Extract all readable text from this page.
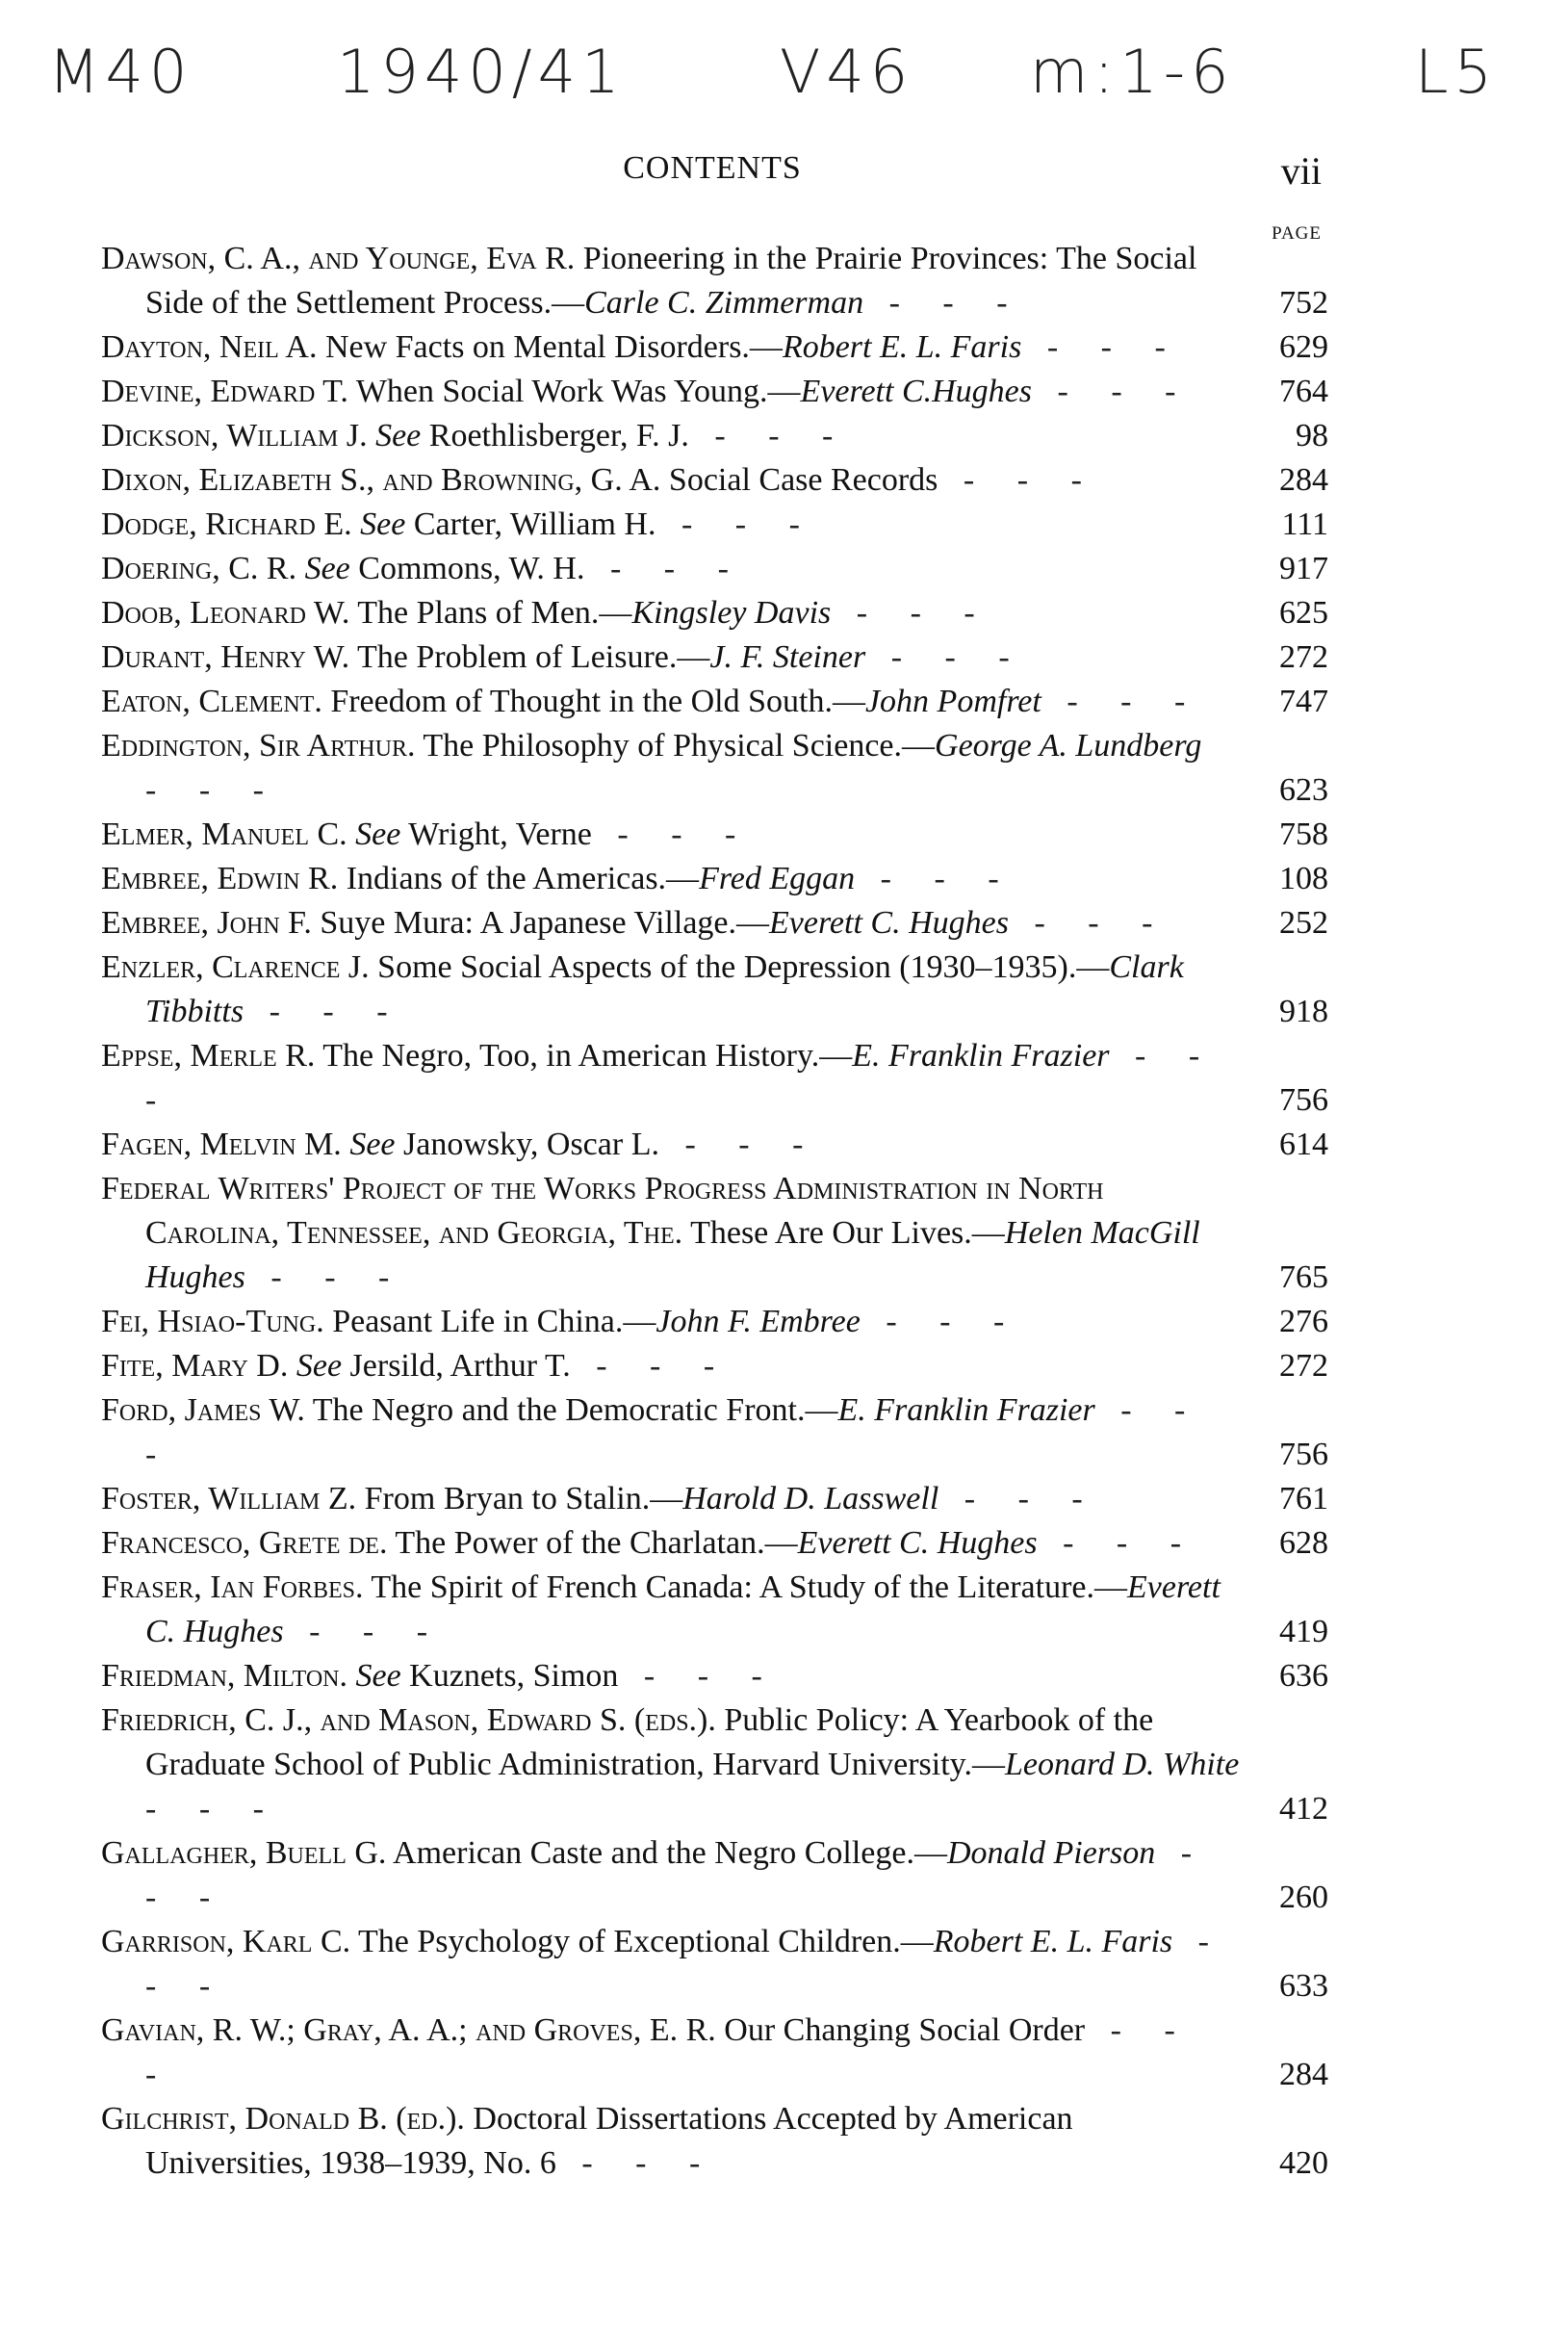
M40 1940/41	V46 m:1-6	L5
CONTENTS	vii
PAGE
Dawson, C. A., and Younge, Eva R. Pioneering in the Prairie Provinces: The Social Side of the Settlement Process.—Carle C. Zimmerman - - -	752
Dayton, Neil A. New Facts on Mental Disorders.—Robert E. L. Faris - - -	629
Devine, Edward T. When Social Work Was Young.—Everett C.Hughes - - -	764
Dickson, William J. See Roethlisberger, F. J. - - -	98
Dixon, Elizabeth S., and Browning, G. A. Social Case Records - - -	284
Dodge, Richard E. See Carter, William H. - - -	111
Doering, C. R. See Commons, W. H. - - -	917
Doob, Leonard W. The Plans of Men.—Kingsley Davis - - -	625
Durant, Henry W. The Problem of Leisure.—J. F. Steiner - - -	272
Eaton, Clement. Freedom of Thought in the Old South.—John Pomfret - - -	747
Eddington, Sir Arthur. The Philosophy of Physical Science.—George A. Lundberg - - -	623
Elmer, Manuel C. See Wright, Verne - - -	758
Embree, Edwin R. Indians of the Americas.—Fred Eggan - - -	108
Embree, John F. Suye Mura: A Japanese Village.—Everett C. Hughes - - -	252
Enzler, Clarence J. Some Social Aspects of the Depression (1930–1935).—Clark Tibbitts - - -	918
Eppse, Merle R. The Negro, Too, in American History.—E. Franklin Frazier - - -	756
Fagen, Melvin M. See Janowsky, Oscar L. - - -	614
Federal Writers' Project of the Works Progress Administration in North Carolina, Tennessee, and Georgia, The. These Are Our Lives.—Helen MacGill Hughes - - -	765
Fei, Hsiao-Tung. Peasant Life in China.—John F. Embree - - -	276
Fite, Mary D. See Jersild, Arthur T. - - -	272
Ford, James W. The Negro and the Democratic Front.—E. Franklin Frazier - - -	756
Foster, William Z. From Bryan to Stalin.—Harold D. Lasswell - - -	761
Francesco, Grete de. The Power of the Charlatan.—Everett C. Hughes - - -	628
Fraser, Ian Forbes. The Spirit of French Canada: A Study of the Literature.—Everett C. Hughes - - -	419
Friedman, Milton. See Kuznets, Simon - - -	636
Friedrich, C. J., and Mason, Edward S. (eds.). Public Policy: A Yearbook of the Graduate School of Public Administration, Harvard University.—Leonard D. White - - -	412
Gallagher, Buell G. American Caste and the Negro College.—Donald Pierson - - -	260
Garrison, Karl C. The Psychology of Exceptional Children.—Robert E. L. Faris - - -	633
Gavian, R. W.; Gray, A. A.; and Groves, E. R. Our Changing Social Order - - -	284
Gilchrist, Donald B. (ed.). Doctoral Dissertations Accepted by American Universities, 1938–1939, No. 6 - - -	420
